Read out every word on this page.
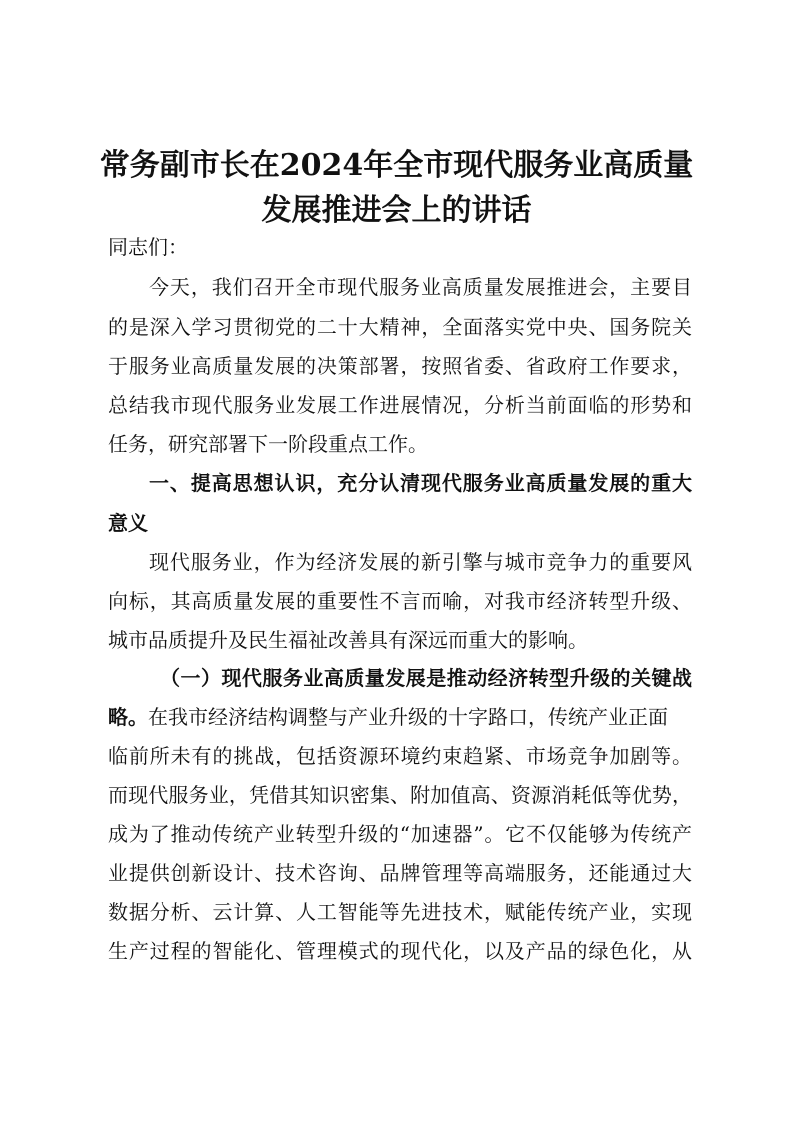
常务副市长在2024年全市现代服务业高质量
发展推进会上的讲话
同志们：
今天，我们召开全市现代服务业高质量发展推进会，主要目
的是深入学习贯彻党的二十大精神，全面落实党中央、国务院关
于服务业高质量发展的决策部署，按照省委、省政府工作要求，
总结我市现代服务业发展工作进展情况，分析当前面临的形势和
任务，研究部署下一阶段重点工作。
一、提高思想认识，充分认清现代服务业高质量发展的重大
意义
现代服务业，作为经济发展的新引擎与城市竞争力的重要风
向标，其高质量发展的重要性不言而喻，对我市经济转型升级、
城市品质提升及民生福祉改善具有深远而重大的影响。
（一）现代服务业高质量发展是推动经济转型升级的关键战
略。在我市经济结构调整与产业升级的十字路口，传统产业正面
临前所未有的挑战，包括资源环境约束趋紧、市场竞争加剧等。
而现代服务业，凭借其知识密集、附加值高、资源消耗低等优势，
成为了推动传统产业转型升级的“加速器”。它不仅能够为传统产
业提供创新设计、技术咨询、品牌管理等高端服务，还能通过大
数据分析、云计算、人工智能等先进技术，赋能传统产业，实现
生产过程的智能化、管理模式的现代化，以及产品的绿色化，从
